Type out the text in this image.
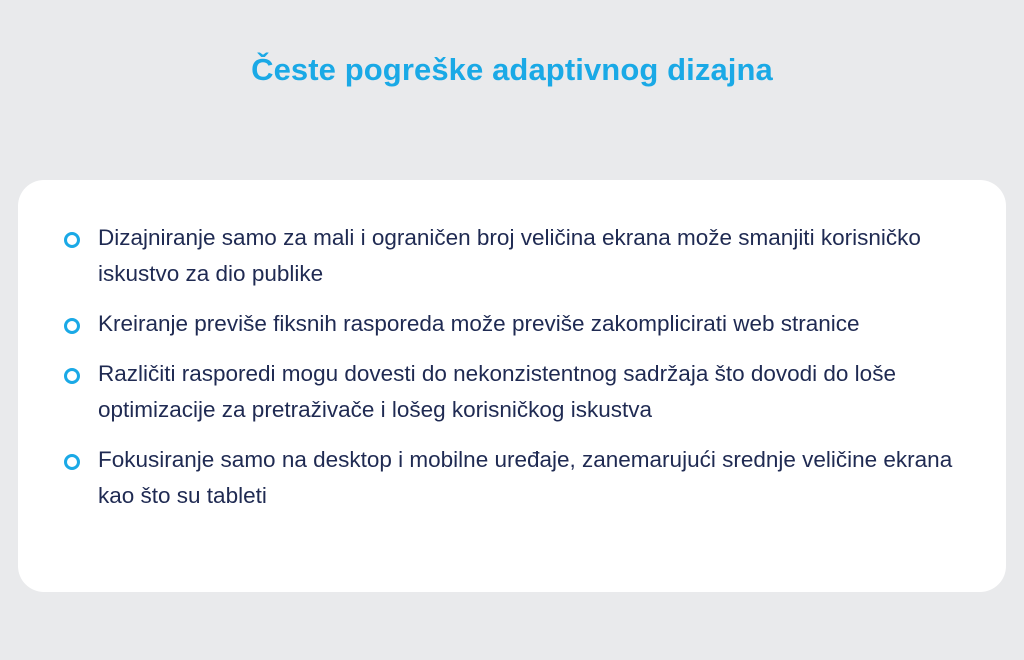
Česte pogreške adaptivnog dizajna
Dizajniranje samo za mali i ograničen broj veličina ekrana može smanjiti korisničko iskustvo za dio publike
Kreiranje previše fiksnih rasporeda može previše zakomplicirati web stranice
Različiti rasporedi mogu dovesti do nekonzistentnog sadržaja što dovodi do loše optimizacije za pretraživače i lošeg korisničkog iskustva
Fokusiranje samo na desktop i mobilne uređaje, zanemarujući srednje veličine ekrana kao što su tableti
